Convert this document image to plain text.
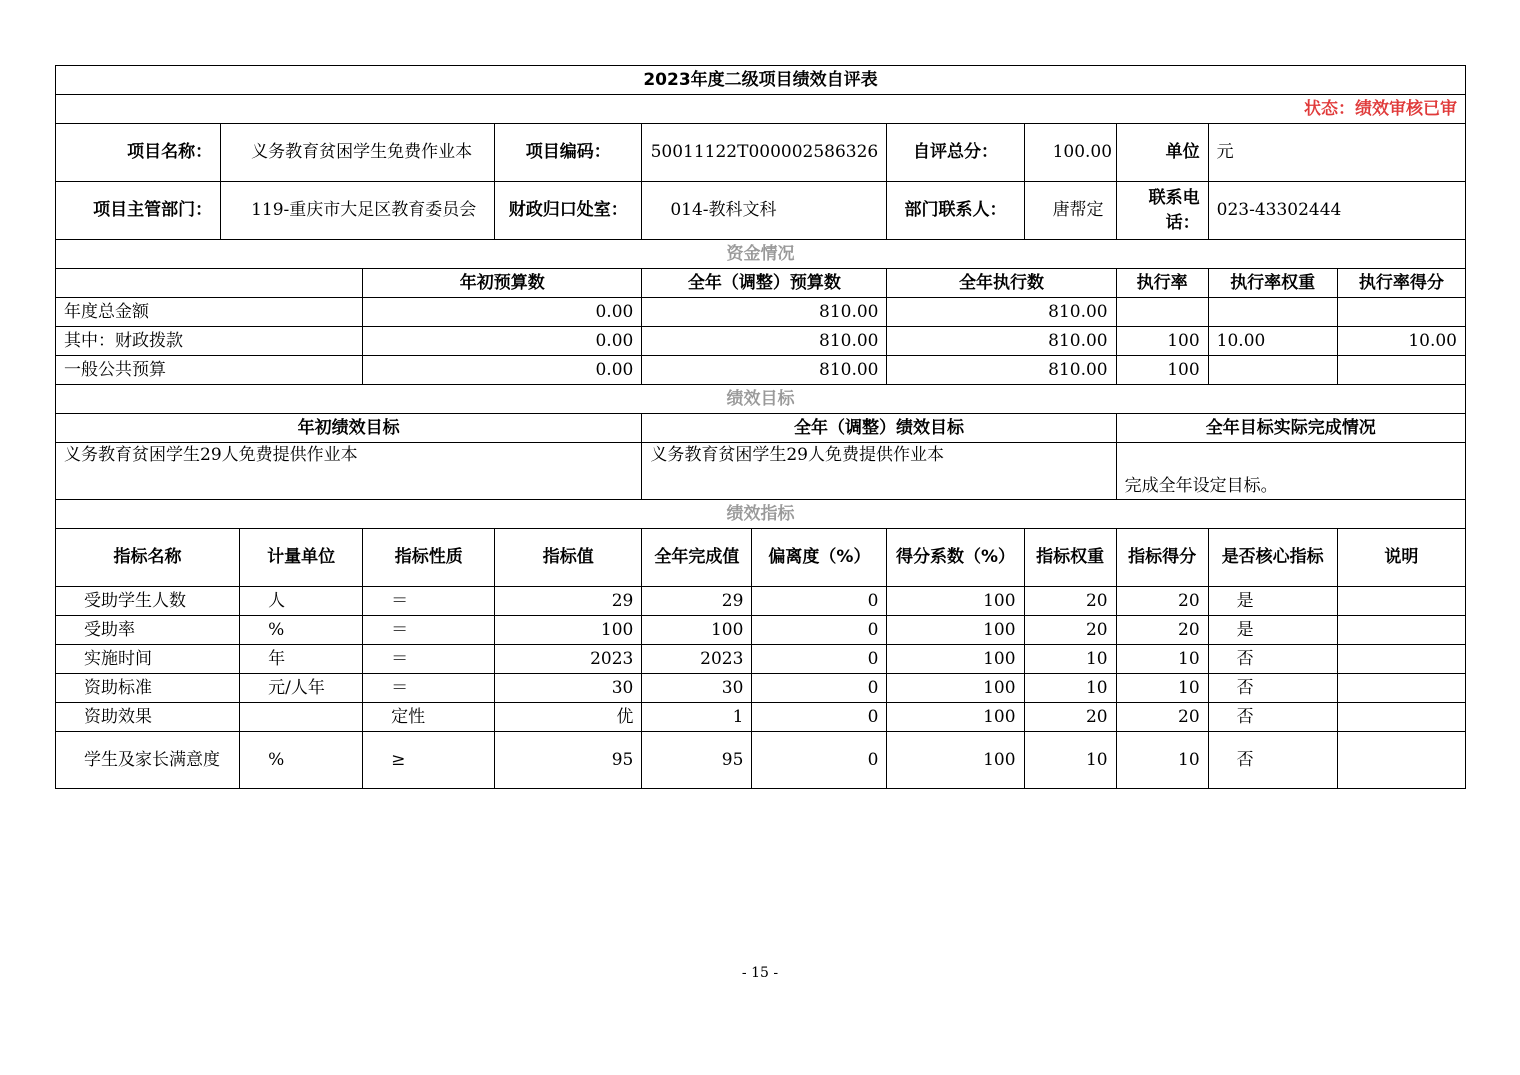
2023年度二级项目绩效自评表											
状态：绩效审核已审											
项目名称：	义务教育贫困学生免费作业本			项目编码：	50011122T000002586326		自评总分：	100.00	单位	元	
项目主管部门：	119-重庆市大足区教育委员会			财政归口处室：	014-教科文科		部门联系人：	唐帮定	联系电话：	023-43302444	
资金情况											
			年初预算数		全年（调整）预算数		全年执行数		执行率	执行率权重	执行率得分
年度总金额			0.00		810.00		810.00				
其中：财政拨款			0.00		810.00		810.00		100	10.00	10.00
一般公共预算			0.00		810.00		810.00		100		
绩效目标											
年初绩效目标					全年（调整）绩效目标				全年目标实际完成情况		
义务教育贫困学生29人免费提供作业本					义务教育贫困学生29人免费提供作业本				完成全年设定目标。		
绩效指标											
指标名称		计量单位	指标性质	指标值	全年完成值	偏离度（%）	得分系数（%）	指标权重	指标得分	是否核心指标	说明
受助学生人数		人	＝	29	29	0	100	20	20	是	
受助率		%	＝	100	100	0	100	20	20	是	
实施时间		年	＝	2023	2023	0	100	10	10	否	
资助标准		元/人年	＝	30	30	0	100	10	10	否	
资助效果			定性	优	1	0	100	20	20	否	
学生及家长满意度		%	≥	95	95	0	100	10	10	否	
- 15 -
